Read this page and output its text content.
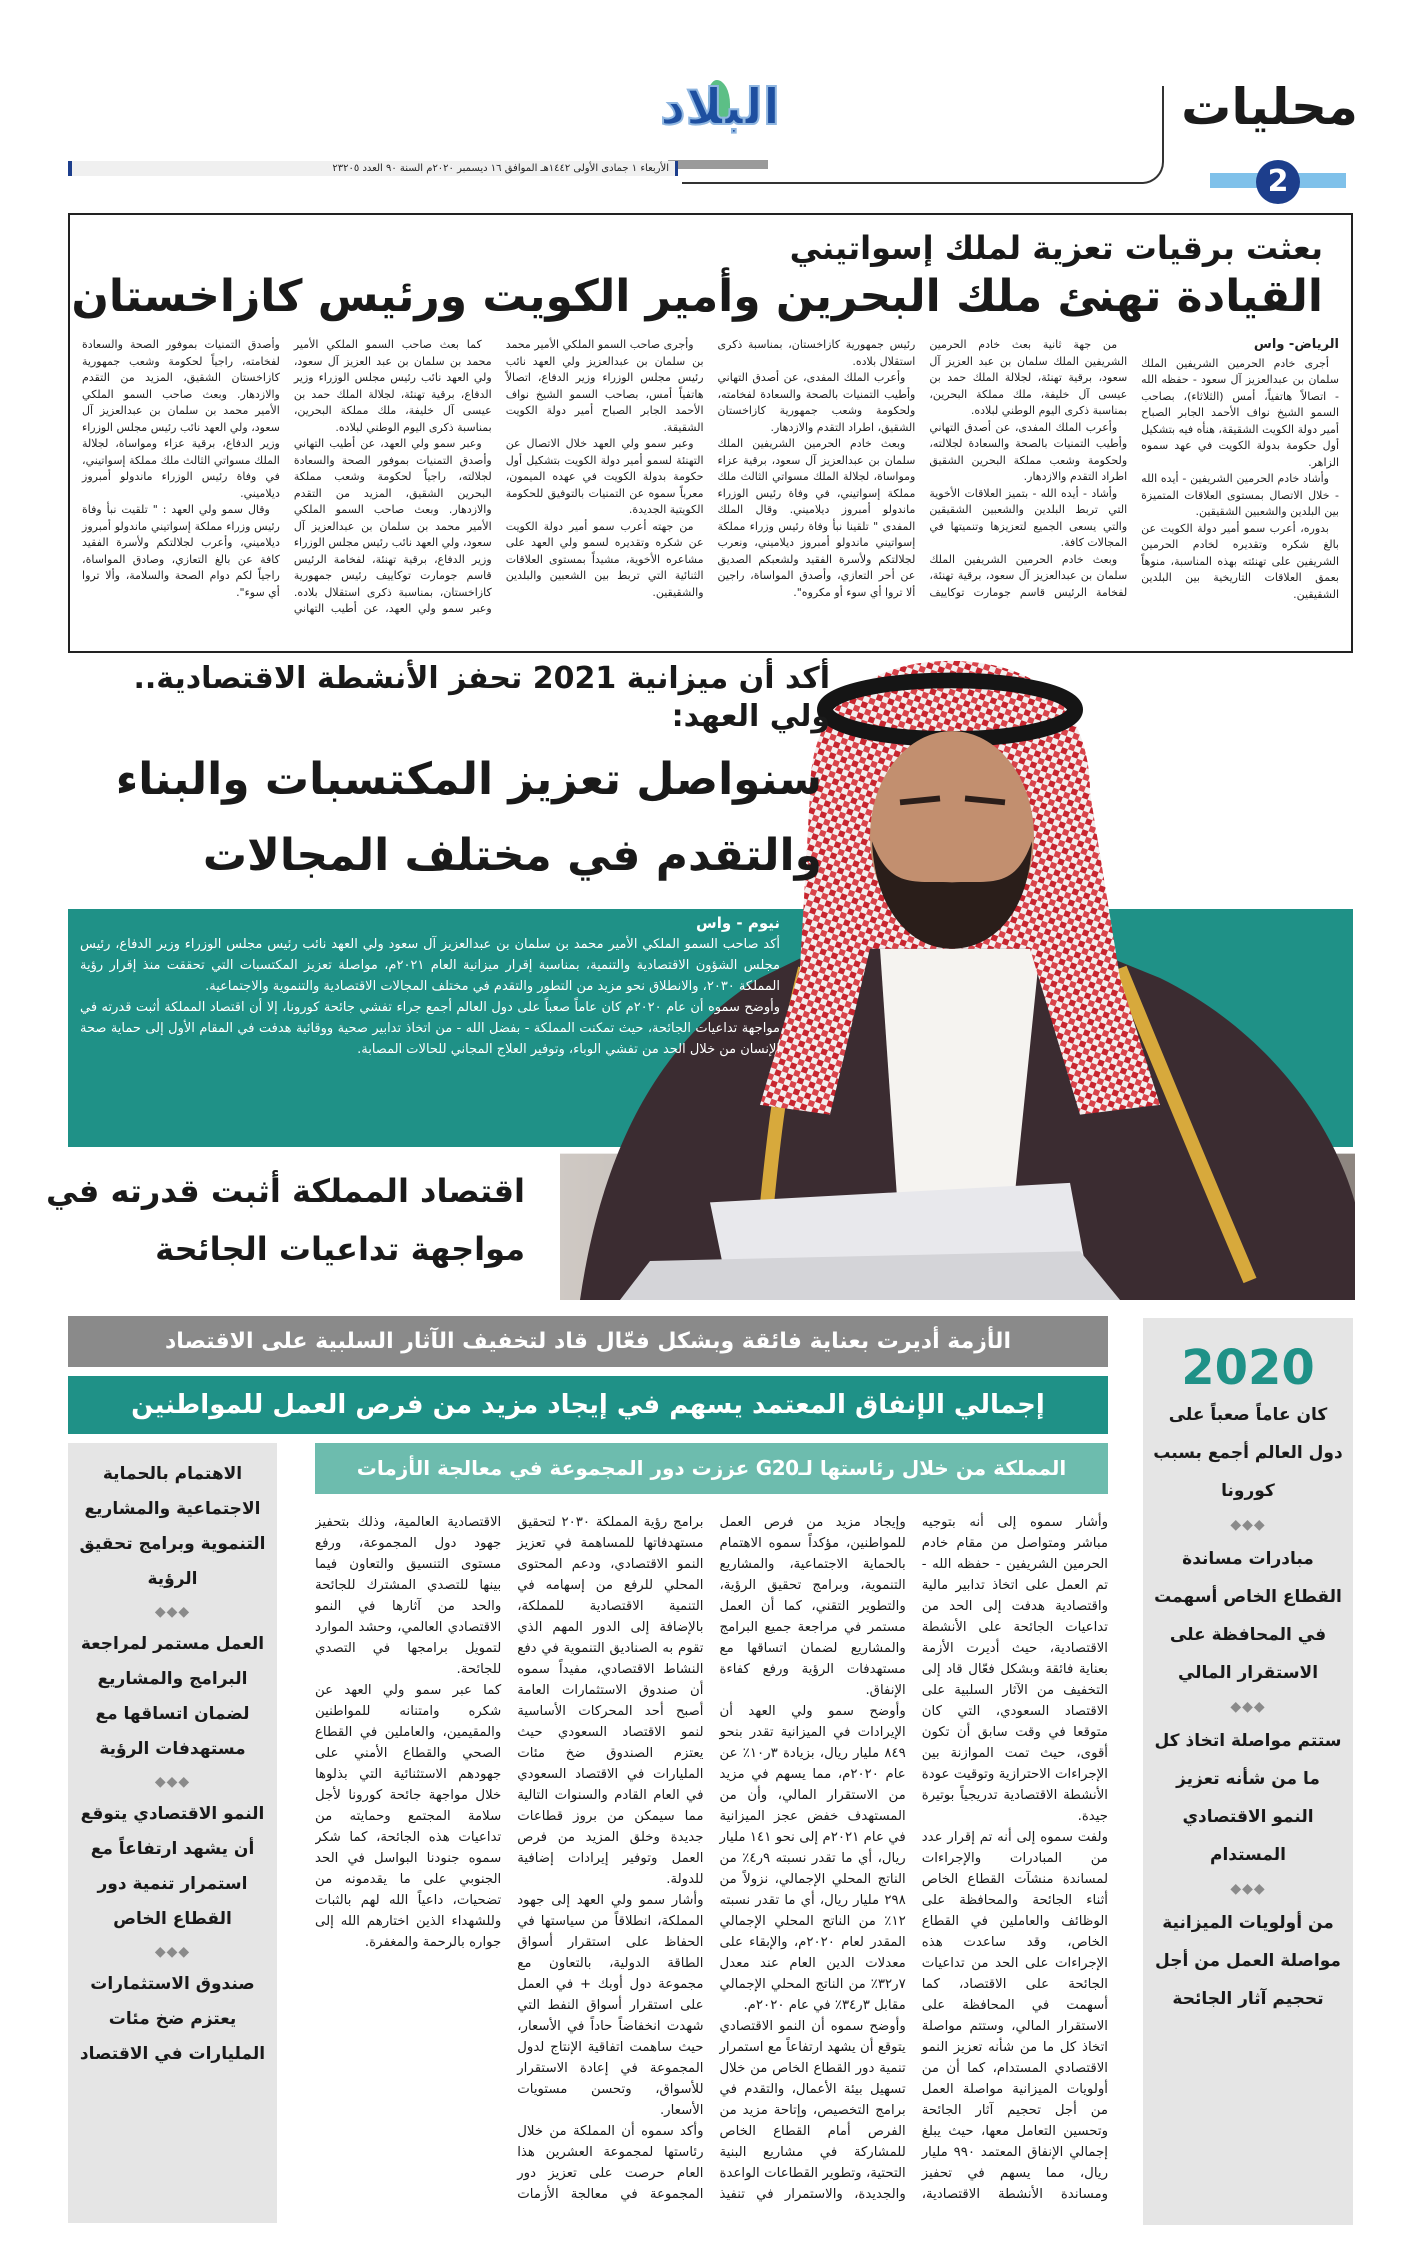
محليات
2
البلاد
الأربعاء ١ جمادى الأولى ١٤٤٢هـ الموافق ١٦ ديسمبر ٢٠٢٠م السنة ٩٠ العدد ٢٣٢٠٥
بعثت برقيات تعزية لملك إسواتيني
القيادة تهنئ ملك البحرين وأمير الكويت ورئيس كازاخستان

الرياض- واس

أجرى خادم الحرمين الشريفين الملك سلمان بن عبدالعزيز آل سعود - حفظه الله - اتصالاً هاتفياً، أمس (الثلاثاء)، بصاحب السمو الشيخ نواف الأحمد الجابر الصباح أمير دولة الكويت الشقيقة، هنأه فيه بتشكيل أول حكومة بدولة الكويت في عهد سموه الزاهر.

وأشاد خادم الحرمين الشريفين - أيده الله - خلال الاتصال بمستوى العلاقات المتميزة بين البلدين والشعبين الشقيقين.

بدوره، أعرب سمو أمير دولة الكويت عن بالغ شكره وتقديره لخادم الحرمين الشريفين على تهنئته بهذه المناسبة، منوهاً بعمق العلاقات التاريخية بين البلدين الشقيقين.

من جهة ثانية بعث خادم الحرمين الشريفين الملك سلمان بن عبد العزيز آل سعود، برقية تهنئة، لجلالة الملك حمد بن عيسى آل خليفة، ملك مملكة البحرين، بمناسبة ذكرى اليوم الوطني لبلاده.

وأعرب الملك المفدى، عن أصدق التهاني وأطيب التمنيات بالصحة والسعادة لجلالته، ولحكومة وشعب مملكة البحرين الشقيق اطراد التقدم والازدهار.

وأشاد - أيده الله - بتميز العلاقات الأخوية التي تربط البلدين والشعبين الشقيقين والتي يسعى الجميع لتعزيزها وتنميتها في المجالات كافة.

وبعث خادم الحرمين الشريفين الملك سلمان بن عبدالعزيز آل سعود، برقية تهنئة، لفخامة الرئيس قاسم جومارت توكاييف رئيس جمهورية كازاخستان، بمناسبة ذكرى استقلال بلاده.

وأعرب الملك المفدى، عن أصدق التهاني وأطيب التمنيات بالصحة والسعادة لفخامته، ولحكومة وشعب جمهورية كازاخستان الشقيق، اطراد التقدم والازدهار.

وبعث خادم الحرمين الشريفين الملك سلمان بن عبدالعزيز آل سعود، برقية عزاء ومواساة، لجلالة الملك مسواتي الثالث ملك مملكة إسواتيني، في وفاة رئيس الوزراء ماندولو أمبروز ديلاميني. وقال الملك المفدى " تلقينا نبأ وفاة رئيس وزراء مملكة إسواتيني ماندولو أمبروز ديلاميني، ونعرب لجلالتكم ولأسرة الفقيد ولشعبكم الصديق عن أحر التعازي، وأصدق المواساة، راجين ألا تروا أي سوء أو مكروه".

وأجرى صاحب السمو الملكي الأمير محمد بن سلمان بن عبدالعزيز ولي العهد نائب رئيس مجلس الوزراء وزير الدفاع، اتصالاً هاتفياً أمس، بصاحب السمو الشيخ نواف الأحمد الجابر الصباح أمير دولة الكويت الشقيقة.

وعبر سمو ولي العهد خلال الاتصال عن التهنئة لسمو أمير دولة الكويت بتشكيل أول حكومة بدولة الكويت في عهده الميمون، معرباً سموه عن التمنيات بالتوفيق للحكومة الكويتية الجديدة.

من جهته أعرب سمو أمير دولة الكويت عن شكره وتقديره لسمو ولي العهد على مشاعره الأخوية، مشيداً بمستوى العلاقات الثنائية التي تربط بين الشعبين والبلدين والشقيقين.

كما بعث صاحب السمو الملكي الأمير محمد بن سلمان بن عبد العزيز آل سعود، ولي العهد نائب رئيس مجلس الوزراء وزير الدفاع، برقية تهنئة، لجلالة الملك حمد بن عيسى آل خليفة، ملك مملكة البحرين، بمناسبة ذكرى اليوم الوطني لبلاده.

وعبر سمو ولي العهد، عن أطيب التهاني وأصدق التمنيات بموفور الصحة والسعادة لجلالته، راجياً لحكومة وشعب مملكة البحرين الشقيق، المزيد من التقدم والازدهار. وبعث صاحب السمو الملكي الأمير محمد بن سلمان بن عبدالعزيز آل سعود، ولي العهد نائب رئيس مجلس الوزراء وزير الدفاع، برقية تهنئة، لفخامة الرئيس قاسم جومارت توكاييف رئيس جمهورية كازاخستان، بمناسبة ذكرى استقلال بلاده. وعبر سمو ولي العهد، عن أطيب التهاني وأصدق التمنيات بموفور الصحة والسعادة لفخامته، راجياً لحكومة وشعب جمهورية كازاخستان الشقيق، المزيد من التقدم والازدهار. وبعث صاحب السمو الملكي الأمير محمد بن سلمان بن عبدالعزيز آل سعود، ولي العهد نائب رئيس مجلس الوزراء وزير الدفاع، برقية عزاء ومواساة، لجلالة الملك مسواتي الثالث ملك مملكة إسواتيني، في وفاة رئيس الوزراء ماندولو أمبروز ديلاميني.

وقال سمو ولي العهد : " تلقيت نبأ وفاة رئيس وزراء مملكة إسواتيني ماندولو أمبروز ديلاميني، وأعرب لجلالتكم ولأسرة الفقيد كافة عن بالغ التعازي، وصادق المواساة، راجياً لكم دوام الصحة والسلامة، وألا تروا أي سوء".

أكد أن ميزانية 2021 تحفز الأنشطة الاقتصادية.. ولي العهد:
سنواصل تعزيز المكتسبات والبناء
والتقدم في مختلف المجالات

نيوم - واس

أكد صاحب السمو الملكي الأمير محمد بن سلمان بن عبدالعزيز آل سعود ولي العهد نائب رئيس مجلس الوزراء وزير الدفاع، رئيس مجلس الشؤون الاقتصادية والتنمية، بمناسبة إقرار ميزانية العام ٢٠٢١م، مواصلة تعزيز المكتسبات التي تحققت منذ إقرار رؤية المملكة ٢٠٣٠، والانطلاق نحو مزيد من التطور والتقدم في مختلف المجالات الاقتصادية والتنموية والاجتماعية.

وأوضح سموه أن عام ٢٠٢٠م كان عاماً صعباً على دول العالم أجمع جراء تفشي جائحة كورونا، إلا أن اقتصاد المملكة أثبت قدرته في مواجهة تداعيات الجائحة، حيث تمكنت المملكة - بفضل الله - من اتخاذ تدابير صحية ووقائية هدفت في المقام الأول إلى حماية صحة الإنسان من خلال الحد من تفشي الوباء، وتوفير العلاج المجاني للحالات المصابة.

اقتصاد المملكة أثبت قدرته في
مواجهة تداعيات الجائحة
الأزمة أديرت بعناية فائقة وبشكل فعّال قاد لتخفيف الآثار السلبية على الاقتصاد
إجمالي الإنفاق المعتمد يسهم في إيجاد مزيد من فرص العمل للمواطنين
المملكة من خلال رئاستها لـG20 عززت دور المجموعة في معالجة الأزمات
2020
كان عاماً صعباً على دول العالم أجمع بسبب كورونا
◆◆◆
مبادرات مساندة القطاع الخاص أسهمت في المحافظة على الاستقرار المالي
◆◆◆
ستتم مواصلة اتخاذ كل ما من شأنه تعزيز النمو الاقتصادي المستدام
◆◆◆
من أولويات الميزانية مواصلة العمل من أجل تحجيم آثار الجائحة
الاهتمام بالحماية الاجتماعية والمشاريع التنموية وبرامج تحقيق الرؤية
◆◆◆
العمل مستمر لمراجعة البرامج والمشاريع لضمان اتساقها مع مستهدفات الرؤية
◆◆◆
النمو الاقتصادي يتوقع أن يشهد ارتفاعاً مع استمرار تنمية دور القطاع الخاص
◆◆◆
صندوق الاستثمارات يعتزم ضخ مئات المليارات في الاقتصاد

وأشار سموه إلى أنه بتوجيه مباشر ومتواصل من مقام خادم الحرمين الشريفين - حفظه الله - تم العمل على اتخاذ تدابير مالية واقتصادية هدفت إلى الحد من تداعيات الجائحة على الأنشطة الاقتصادية، حيث أديرت الأزمة بعناية فائقة وبشكل فعّال قاد إلى التخفيف من الآثار السلبية على الاقتصاد السعودي، التي كان متوقعا في وقت سابق أن تكون أقوى، حيث تمت الموازنة بين الإجراءات الاحترازية وتوقيت عودة الأنشطة الاقتصادية تدريجياً بوتيرة جيدة.

ولفت سموه إلى أنه تم إقرار عدد من المبادرات والإجراءات لمساندة منشآت القطاع الخاص أثناء الجائحة والمحافظة على الوظائف والعاملين في القطاع الخاص، وقد ساعدت هذه الإجراءات على الحد من تداعيات الجائحة على الاقتصاد، كما أسهمت في المحافظة على الاستقرار المالي، وستتم مواصلة اتخاذ كل ما من شأنه تعزيز النمو الاقتصادي المستدام، كما أن من أولويات الميزانية مواصلة العمل من أجل تحجيم آثار الجائحة وتحسين التعامل معها، حيث يبلغ إجمالي الإنفاق المعتمد ٩٩٠ مليار ريال، مما يسهم في تحفيز ومساندة الأنشطة الاقتصادية، وإيجاد مزيد من فرص العمل للمواطنين، مؤكداً سموه الاهتمام بالحماية الاجتماعية، والمشاريع التنموية، وبرامج تحقيق الرؤية، والتطوير التقني، كما أن العمل مستمر في مراجعة جميع البرامج والمشاريع لضمان اتساقها مع مستهدفات الرؤية ورفع كفاءة الإنفاق.

وأوضح سمو ولي العهد أن الإيرادات في الميزانية تقدر بنحو ٨٤٩ مليار ريال، بزيادة ٣ر١٠٪ عن عام ٢٠٢٠م، مما يسهم في مزيد من الاستقرار المالي، وأن من المستهدف خفض عجز الميزانية في عام ٢٠٢١م إلى نحو ١٤١ مليار ريال، أي ما تقدر نسبته ٩ر٤٪ من الناتج المحلي الإجمالي، نزولاً من ٢٩٨ مليار ريال، أي ما تقدر نسبته ١٢٪ من الناتج المحلي الإجمالي المقدر لعام ٢٠٢٠م، والإبقاء على معدلات الدين العام عند معدل ٧ر٣٢٪ من الناتج المحلي الإجمالي مقابل ٣ر٣٤٪ في عام ٢٠٢٠م.

وأوضح سموه أن النمو الاقتصادي يتوقع أن يشهد ارتفاعاً مع استمرار تنمية دور القطاع الخاص من خلال تسهيل بيئة الأعمال، والتقدم في برامج التخصيص، وإتاحة مزيد من الفرص أمام القطاع الخاص للمشاركة في مشاريع البنية التحتية، وتطوير القطاعات الواعدة والجديدة، والاستمرار في تنفيذ برامج رؤية المملكة ٢٠٣٠ لتحقيق مستهدفاتها للمساهمة في تعزيز النمو الاقتصادي، ودعم المحتوى المحلي للرفع من إسهامه في التنمية الاقتصادية للمملكة، بالإضافة إلى الدور المهم الذي تقوم به الصناديق التنموية في دفع النشاط الاقتصادي، مفيداً سموه أن صندوق الاستثمارات العامة أصبح أحد المحركات الأساسية لنمو الاقتصاد السعودي حيث يعتزم الصندوق ضخ مئات المليارات في الاقتصاد السعودي في العام القادم والسنوات التالية مما سيمكن من بروز قطاعات جديدة وخلق المزيد من فرص العمل وتوفير إيرادات إضافية للدولة.

وأشار سمو ولي العهد إلى جهود المملكة، انطلاقاً من سياستها في الحفاظ على استقرار أسواق الطاقة الدولية، بالتعاون مع مجموعة دول أوبك + في العمل على استقرار أسواق النفط التي شهدت انخفاضاً حاداً في الأسعار، حيث ساهمت اتفاقية الإنتاج لدول المجموعة في إعادة الاستقرار للأسواق، وتحسن مستويات الأسعار.

وأكد سموه أن المملكة من خلال رئاستها لمجموعة العشرين هذا العام حرصت على تعزيز دور المجموعة في معالجة الأزمات الاقتصادية العالمية، وذلك بتحفيز جهود دول المجموعة، ورفع مستوى التنسيق والتعاون فيما بينها للتصدي المشترك للجائحة والحد من آثارها في النمو الاقتصادي العالمي، وحشد الموارد لتمويل برامجها في التصدي للجائحة.

كما عبر سمو ولي العهد عن شكره وامتنانه للمواطنين والمقيمين، والعاملين في القطاع الصحي والقطاع الأمني على جهودهم الاستثنائية التي بذلوها خلال مواجهة جائحة كورونا لأجل سلامة المجتمع وحمايته من تداعيات هذه الجائحة، كما شكر سموه جنودنا البواسل في الحد الجنوبي على ما يقدمونه من تضحيات، داعياً الله لهم بالثبات وللشهداء الذين اختارهم الله إلى جواره بالرحمة والمغفرة.
